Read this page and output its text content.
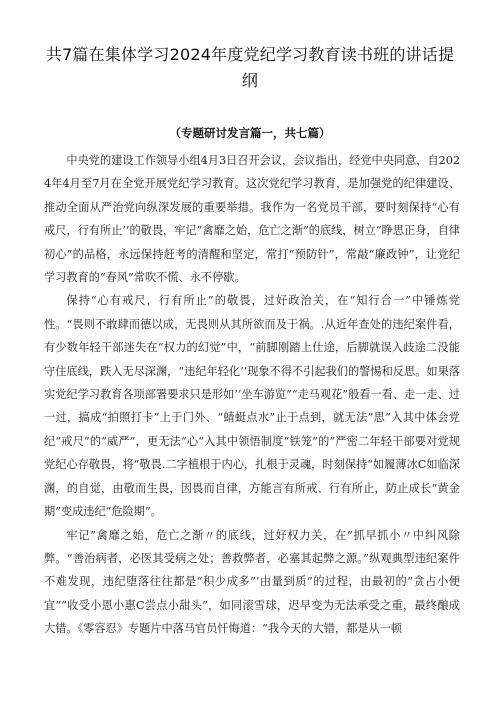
共7篇在集体学习2024年度党纪学习教育读书班的讲话提纲
（专题研讨发言篇一，共七篇）

中央党的建设工作领导小组4月3日召开会议，会议指出，经党中央同意，自2024年4月至7月在全党开展党纪学习教育。这次党纪学习教育，是加强党的纪律建设、推动全面从严治党向纵深发展的重要举措。我作为一名党员干部，要时刻保持“心有戒尺，行有所止’’的敬畏，牢记”禽靡之始，危亡之渐”的底线，树立“睁思正身，自律初心”的品格，永远保持赶考的清醒和坚定，常打“预防针”，常敲“廉政钟”，让党纪学习教育的“春风”常吹不慌、永不停歇。

保持“心有戒尺，行有所止”的敬畏，过好政治关，在“知行合一”中锤炼党性。“畏则不敢肆而德以成，无畏则从其所欲而及于祸。.从近年查处的违纪案件看，有少数年轻干部迷失在“权力的幻觉”中，“前脚刚踏上仕途，后脚就误入歧途二没能守住底线，跌入无尽深渊，“违纪年轻化’’现象不得不引起我们的警惕和反思。如果落实党纪学习教育各项部署要求只是形如’’坐车游览”“走马观花”般看一看、走一走、过一过，搞成“拍照打卡”上于门外、“蜻蜓点水”止于点到，就无法”思”入其中体会党纪“戒尺”的“威严”，更无法“心“入其中领悟制度“铁笼”的”严密二年轻干部要对党规党纪心存敬畏，将“敬畏.二字植根于内心，扎根于灵魂，时刻保持“如履薄冰C如临深渊，的自觉，由敬而生畏，因畏而自律，方能言有所戒、行有所止，防止成长“黄金期”变成违纪“危险期”。

牢记”禽靡之始，危亡之渐〃的底线，过好权力关，在”抓早抓小〃中纠风除弊。“善治病者，必医其受病之处；善救弊者，必塞其起弊之源。”纵观典型违纪案件不难发现，违纪堕落往往都是“积少成多”’由量到质”的过程，由最初的“贪占小便宜”“收受小恩小惠C尝点小甜头”，如同滚雪球，迟早变为无法承受之重，最终酿成大错。《零容忍》专题片中落马官员忏悔道：“我今天的大错，都是从一顿
